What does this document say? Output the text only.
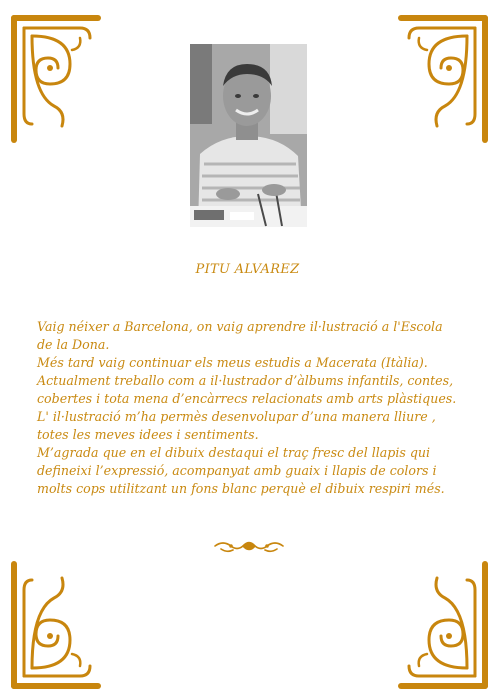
PITU ALVAREZ

Vaig néixer a Barcelona, on vaig aprendre il·lustració a l'Escola de la Dona.

Més tard vaig continuar els meus estudis a Macerata (Itàlia).

Actualment treballo com a il·lustrador d’àlbums infantils, contes, cobertes i tota mena d’encàrrecs relacionats amb arts plàstiques.

L' il·lustració m’ha permès desenvolupar d’una manera lliure , totes les meves idees i sentiments.

M’agrada que en el dibuix destaqui el traç fresc del llapis qui defineixi l’expressió, acompanyat amb guaix i llapis de colors i molts cops utilitzant un fons blanc perquè el dibuix respiri més.
